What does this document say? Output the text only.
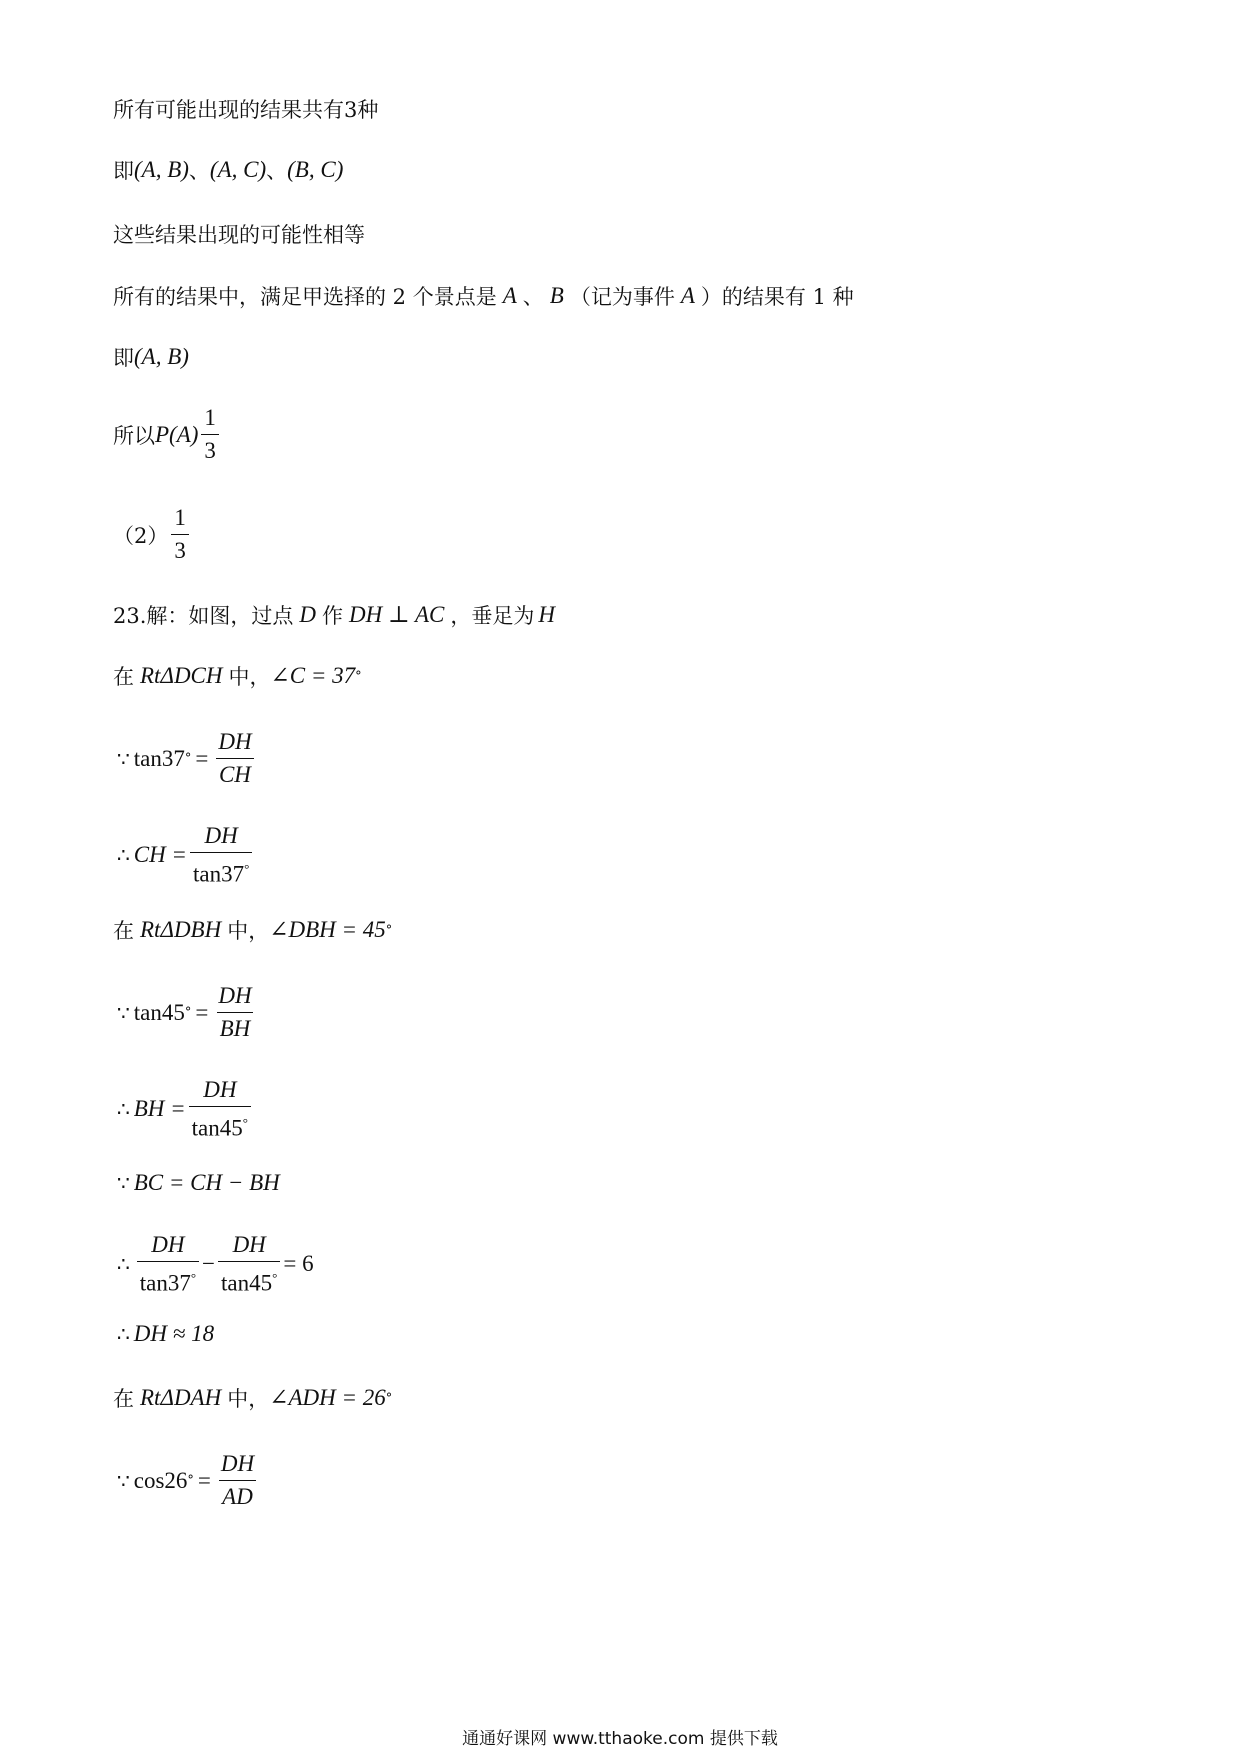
所有可能出现的结果共有3种
即 (A, B) 、 (A, C) 、 (B, C)
这些结果出现的可能性相等
所有的结果中，满足甲选择的 2 个景点是 A 、 B （记为事件 A ）的结果有 1 种
即 (A, B)
所以 $P(A) \frac{1}{3}$
$(2) \frac{1}{3}$
23.解：如图，过点 D 作 DH ⊥ AC ，垂足为 H
在 RtΔDCH 中， ∠C = 37 °
∵ tan37 ° = $\frac{DH}{CH}$
∴ CH = $\frac{DH}{\tan 37^\circ}$
在 RtΔDBH 中， ∠DBH = 45 °
∵ tan45 ° = $\frac{DH}{BH}$
∴ BH = $\frac{DH}{\tan 45^\circ}$
∵ BC = CH − BH
∴ $\frac{DH}{\tan 37^\circ} - \frac{DH}{\tan 45^\circ} = 6$
∴ DH ≈ 18
在 RtΔDAH 中， ∠ADH = 26 °
∵ cos26 ° = $\frac{DH}{AD}$
通通好课网 www.tthaoke.com 提供下载
